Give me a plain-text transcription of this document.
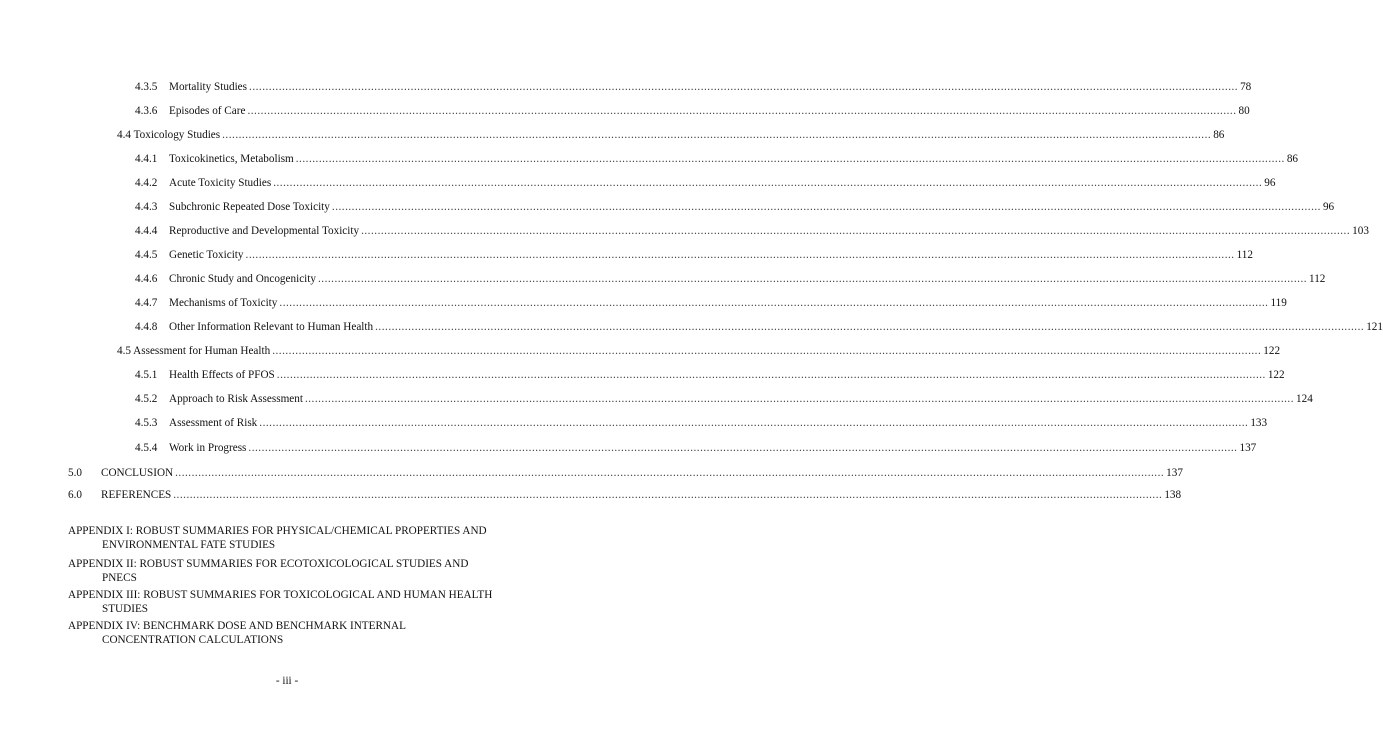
4.3.5 Mortality Studies ............................................................................................................................................................................................................................................................................................................ 78
4.3.6 Episodes of Care ............................................................................................................................................................................................................................................................................................................ 80
4.4 Toxicology Studies ............................................................................................................................................................................................................................................................................................................ 86
4.4.1 Toxicokinetics, Metabolism ............................................................................................................................................................................................................................................................................................................ 86
4.4.2 Acute Toxicity Studies ............................................................................................................................................................................................................................................................................................................ 96
4.4.3 Subchronic Repeated Dose Toxicity ............................................................................................................................................................................................................................................................................................................ 96
4.4.4 Reproductive and Developmental Toxicity ............................................................................................................................................................................................................................................................................................................ 103
4.4.5 Genetic Toxicity ............................................................................................................................................................................................................................................................................................................ 112
4.4.6 Chronic Study and Oncogenicity ............................................................................................................................................................................................................................................................................................................ 112
4.4.7 Mechanisms of Toxicity ............................................................................................................................................................................................................................................................................................................ 119
4.4.8 Other Information Relevant to Human Health ............................................................................................................................................................................................................................................................................................................ 121
4.5 Assessment for Human Health ............................................................................................................................................................................................................................................................................................................ 122
4.5.1 Health Effects of PFOS ............................................................................................................................................................................................................................................................................................................ 122
4.5.2 Approach to Risk Assessment ............................................................................................................................................................................................................................................................................................................ 124
4.5.3 Assessment of Risk ............................................................................................................................................................................................................................................................................................................ 133
4.5.4 Work in Progress ............................................................................................................................................................................................................................................................................................................ 137
5.0 CONCLUSION ............................................................................................................................................................................................................................................................................................................ 137
6.0 REFERENCES ............................................................................................................................................................................................................................................................................................................ 138
APPENDIX I: ROBUST SUMMARIES FOR PHYSICAL/CHEMICAL PROPERTIES AND
ENVIRONMENTAL FATE STUDIES
APPENDIX II: ROBUST SUMMARIES FOR ECOTOXICOLOGICAL STUDIES AND
PNECS
APPENDIX III: ROBUST SUMMARIES FOR TOXICOLOGICAL AND HUMAN HEALTH
STUDIES
APPENDIX IV: BENCHMARK DOSE AND BENCHMARK INTERNAL
CONCENTRATION CALCULATIONS
- iii -
